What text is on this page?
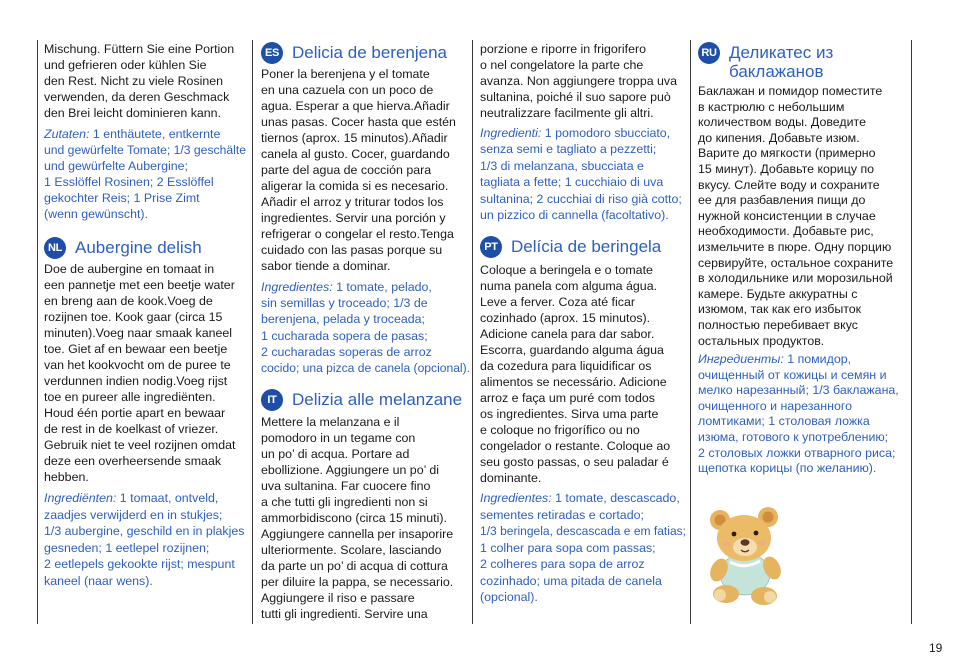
Mischung. Füttern Sie eine Portion
und gefrieren oder kühlen Sie
den Rest. Nicht zu viele Rosinen
verwenden, da deren Geschmack
den Brei leicht dominieren kann.
Zutaten: 1 enthäutete, entkernte
und gewürfelte Tomate; 1/3 geschälte
und gewürfelte Aubergine;
1 Esslöffel Rosinen; 2 Esslöffel
gekochter Reis; 1 Prise Zimt
(wenn gewünscht).
NL Aubergine delish
Doe de aubergine en tomaat in
een pannetje met een beetje water
en breng aan de kook.Voeg de
rozijnen toe. Kook gaar (circa 15
minuten).Voeg naar smaak kaneel
toe. Giet af en bewaar een beetje
van het kookvocht om de puree te
verdunnen indien nodig.Voeg rijst
toe en pureer alle ingrediënten.
Houd één portie apart en bewaar
de rest in de koelkast of vriezer.
Gebruik niet te veel rozijnen omdat
deze een overheersende smaak
hebben.
Ingrediënten: 1 tomaat, ontveld,
zaadjes verwijderd en in stukjes;
1/3 aubergine, geschild en in plakjes
gesneden; 1 eetlepel rozijnen;
2 eetlepels gekookte rijst; mespunt
kaneel (naar wens).
ES Delicia de berenjena
Poner la berenjena y el tomate
en una cazuela con un poco de
agua. Esperar a que hierva.Añadir
unas pasas. Cocer hasta que estén
tiernos (aprox. 15 minutos).Añadir
canela al gusto. Cocer, guardando
parte del agua de cocción para
aligerar la comida si es necesario.
Añadir el arroz y triturar todos los
ingredientes. Servir una porción y
refrigerar o congelar el resto.Tenga
cuidado con las pasas porque su
sabor tiende a dominar.
Ingredientes: 1 tomate, pelado,
sin semillas y troceado; 1/3 de
berenjena, pelada y troceada;
1 cucharada sopera de pasas;
2 cucharadas soperas de arroz
cocido; una pizca de canela (opcional).
IT Delizia alle melanzane
Mettere la melanzana e il
pomodoro in un tegame con
un po’ di acqua. Portare ad
ebollizione. Aggiungere un po’ di
uva sultanina. Far cuocere fino
a che tutti gli ingredienti non si
ammorbidiscono (circa 15 minuti).
Aggiungere cannella per insaporire
ulteriormente. Scolare, lasciando
da parte un po’ di acqua di cottura
per diluire la pappa, se necessario.
Aggiungere il riso e passare
tutti gli ingredienti. Servire una
porzione e riporre in frigorifero
o nel congelatore la parte che
avanza. Non aggiungere troppa uva
sultanina, poiché il suo sapore può
neutralizzare facilmente gli altri.
Ingredienti: 1 pomodoro sbucciato,
senza semi e tagliato a pezzetti;
1/3 di melanzana, sbucciata e
tagliata a fette; 1 cucchiaio di uva
sultanina; 2 cucchiai di riso già cotto;
un pizzico di cannella (facoltativo).
PT Delícia de beringela
Coloque a beringela e o tomate
numa panela com alguma água.
Leve a ferver. Coza até ficar
cozinhado (aprox. 15 minutos).
Adicione canela para dar sabor.
Escorra, guardando alguma água
da cozedura para liquidificar os
alimentos se necessário. Adicione
arroz e faça um puré com todos
os ingredientes. Sirva uma parte
e coloque no frigorífico ou no
congelador o restante. Coloque ao
seu gosto passas, o seu paladar é
dominante.
Ingredientes: 1 tomate, descascado,
sementes retiradas e cortado;
1/3 beringela, descascada e em fatias;
1 colher para sopa com passas;
2 colheres para sopa de arroz
cozinhado; uma pitada de canela
(opcional).
RU Деликатес из
баклажанов
Баклажан и помидор поместите
в кастрюлю с небольшим
количеством воды. Доведите
до кипения. Добавьте изюм.
Варите до мягкости (примерно
15 минут). Добавьте корицу по
вкусу. Слейте воду и сохраните
ее для разбавления пищи до
нужной консистенции в случае
необходимости. Добавьте рис,
измельчите в пюре. Одну порцию
сервируйте, остальное сохраните
в холодильнике или морозильной
камере. Будьте аккуратны с
изюмом, так как его избыток
полностью перебивает вкус
остальных продуктов.
Ингредиенты: 1 помидор,
очищенный от кожицы и семян и
мелко нарезанный; 1/3 баклажана,
очищенного и нарезанного
ломтиками; 1 столовая ложка
изюма, готового к употреблению;
2 столовых ложки отварного риса;
щепотка корицы (по желанию).
19
